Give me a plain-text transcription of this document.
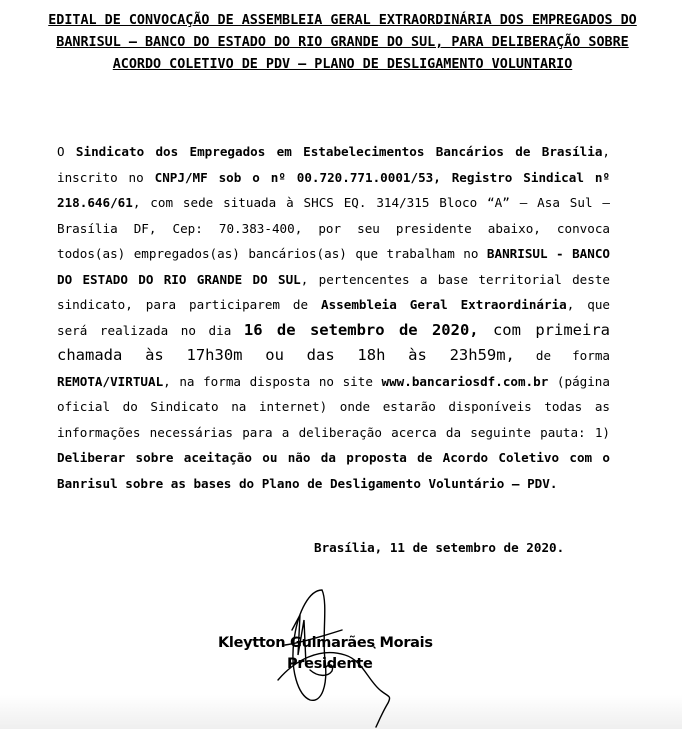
EDITAL DE CONVOCAÇÃO DE ASSEMBLEIA GERAL EXTRAORDINÁRIA DOS EMPREGADOS DO BANRISUL – BANCO DO ESTADO DO RIO GRANDE DO SUL, PARA DELIBERAÇÃO SOBRE ACORDO COLETIVO DE PDV – PLANO DE DESLIGAMENTO VOLUNTARIO
O Sindicato dos Empregados em Estabelecimentos Bancários de Brasília, inscrito no CNPJ/MF sob o nº 00.720.771.0001/53, Registro Sindical nº 218.646/61, com sede situada à SHCS EQ. 314/315 Bloco “A” – Asa Sul – Brasília DF, Cep: 70.383-400, por seu presidente abaixo, convoca todos(as) empregados(as) bancários(as) que trabalham no BANRISUL - BANCO DO ESTADO DO RIO GRANDE DO SUL, pertencentes a base territorial deste sindicato, para participarem de Assembleia Geral Extraordinária, que será realizada no dia 16 de setembro de 2020, com primeira chamada às 17h30m ou das 18h às 23h59m, de forma REMOTA/VIRTUAL, na forma disposta no site www.bancariosdf.com.br (página oficial do Sindicato na internet) onde estarão disponíveis todas as informações necessárias para a deliberação acerca da seguinte pauta: 1) Deliberar sobre aceitação ou não da proposta de Acordo Coletivo com o Banrisul sobre as bases do Plano de Desligamento Voluntário – PDV.
Brasília, 11 de setembro de 2020.
Kleytton Guimarães Morais
Presidente
